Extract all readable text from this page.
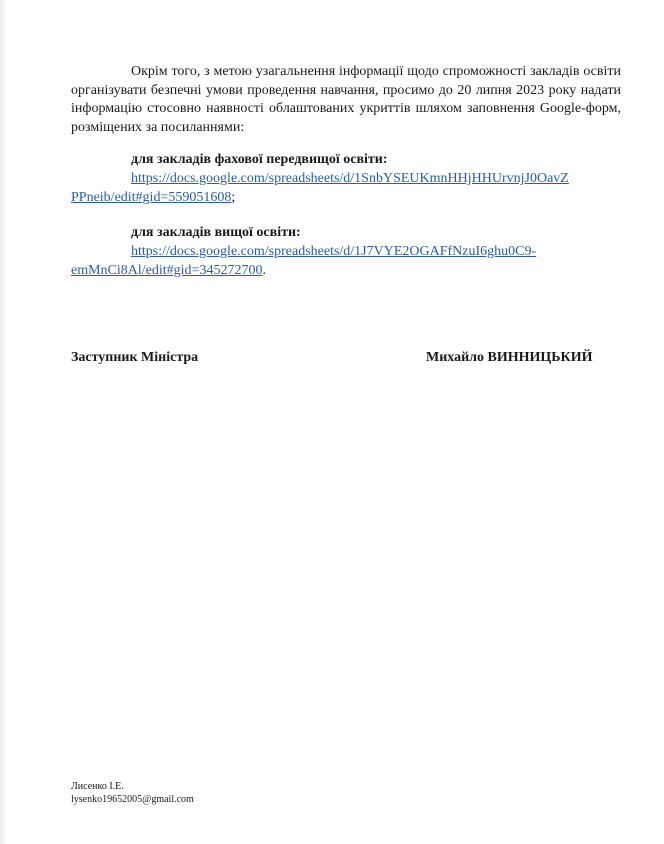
Окрім того, з метою узагальнення інформації щодо спроможності закладів освіти організувати безпечні умови проведення навчання, просимо до 20 липня 2023 року надати інформацію стосовно наявності облаштованих укриттів шляхом заповнення Google-форм, розміщених за посиланнями:

для закладів фахової передвищої освіти:

https://docs.google.com/spreadsheets/d/1SnbYSEUKmnHHjHHUrvnjJ0OavZ
PPneib/edit#gid=559051608;

для закладів вищої освіти:

https://docs.google.com/spreadsheets/d/1J7VYE2OGAFfNzuI6ghu0C9-
emMnCi8Al/edit#gid=345272700.

Заступник Міністра	Михайло ВИННИЦЬКИЙ

Лисенко І.Е.
lysenko19652005@gmail.com
